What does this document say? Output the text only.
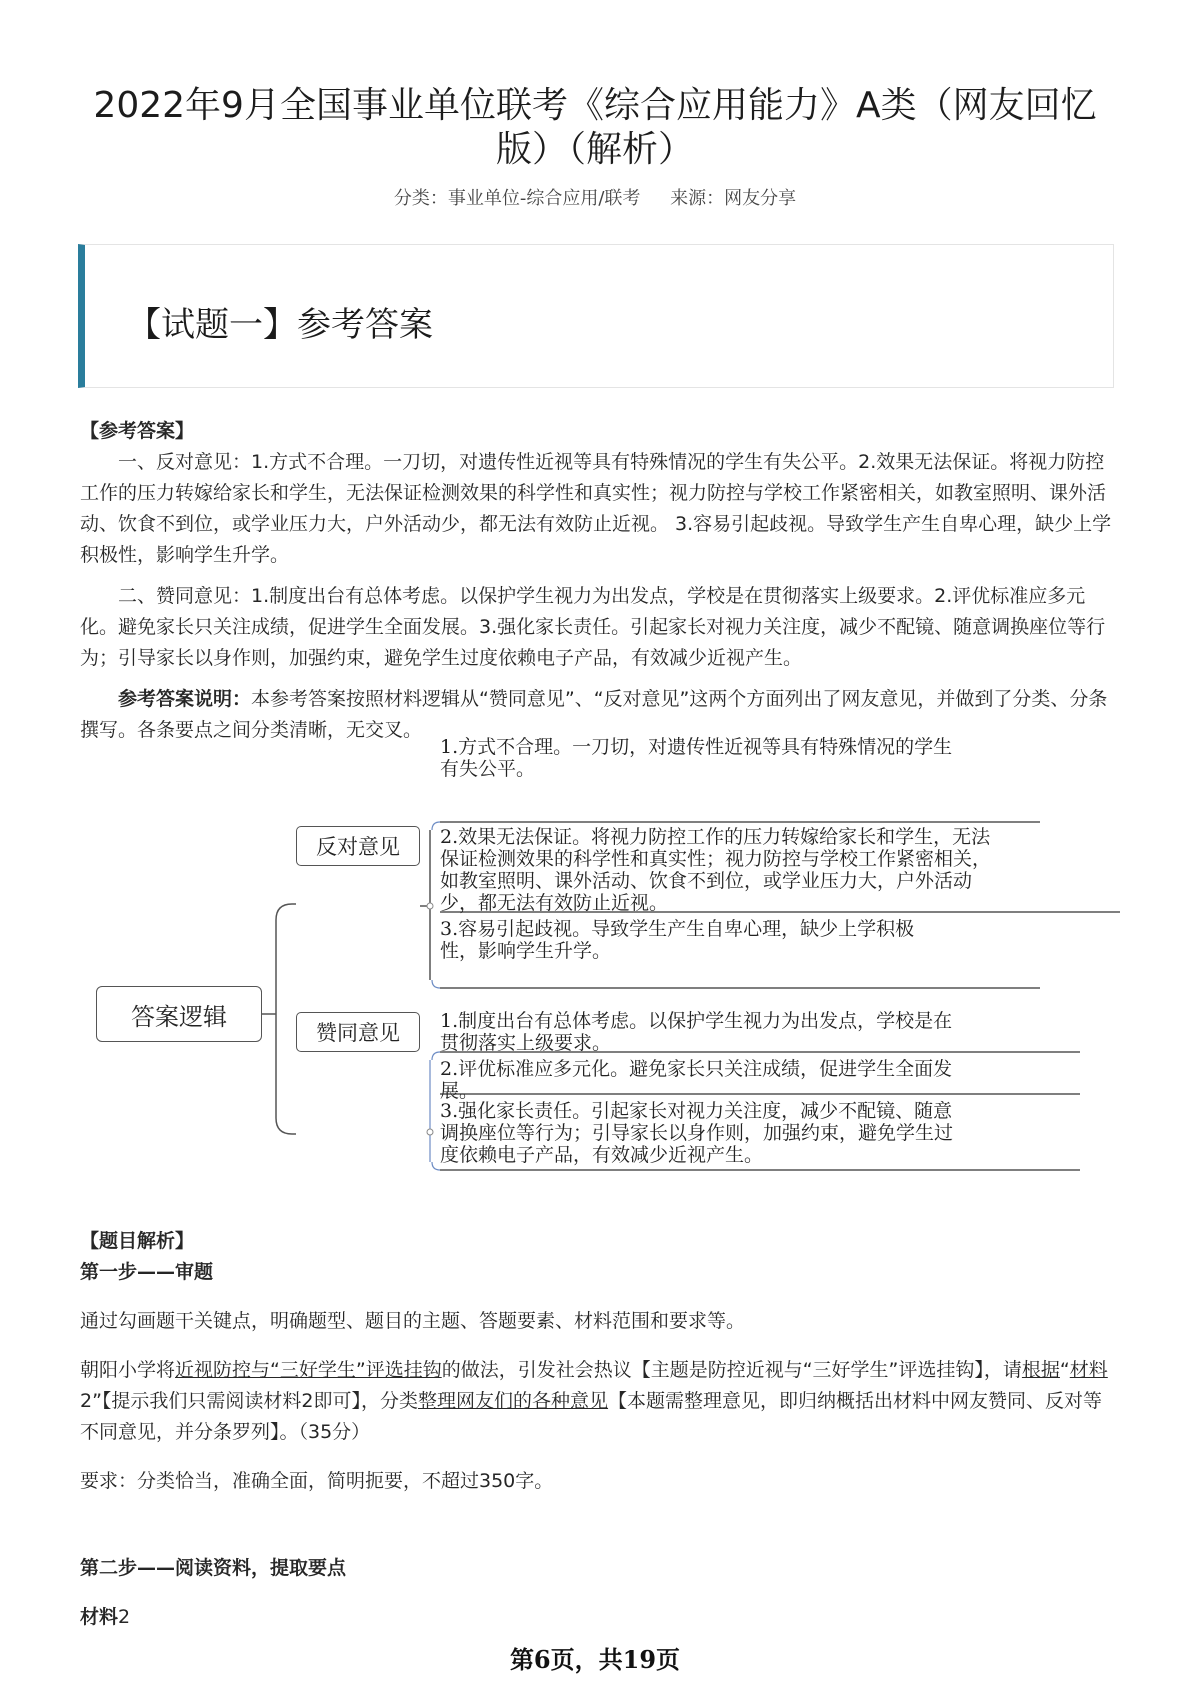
2022年9月全国事业单位联考《综合应用能力》A类（网友回忆版）（解析）
分类：事业单位-综合应用/联考 来源：网友分享
【试题一】参考答案

【参考答案】

一、反对意见：1.方式不合理。一刀切，对遗传性近视等具有特殊情况的学生有失公平。2.效果无法保证。将视力防控工作的压力转嫁给家长和学生，无法保证检测效果的科学性和真实性；视力防控与学校工作紧密相关，如教室照明、课外活动、饮食不到位，或学业压力大，户外活动少，都无法有效防止近视。 3.容易引起歧视。导致学生产生自卑心理，缺少上学积极性，影响学生升学。

二、赞同意见：1.制度出台有总体考虑。以保护学生视力为出发点，学校是在贯彻落实上级要求。2.评优标准应多元化。避免家长只关注成绩，促进学生全面发展。3.强化家长责任。引起家长对视力关注度，减少不配镜、随意调换座位等行为；引导家长以身作则，加强约束，避免学生过度依赖电子产品，有效减少近视产生。

参考答案说明：本参考答案按照材料逻辑从“赞同意见”、“反对意见”这两个方面列出了网友意见，并做到了分类、分条撰写。各条要点之间分类清晰，无交叉。

答案逻辑
反对意见
赞同意见
1.方式不合理。一刀切，对遗传性近视等具有特殊情况的学生
有失公平。
2.效果无法保证。将视力防控工作的压力转嫁给家长和学生，无法
保证检测效果的科学性和真实性；视力防控与学校工作紧密相关，
如教室照明、课外活动、饮食不到位，或学业压力大，户外活动
少，都无法有效防止近视。
3.容易引起歧视。导致学生产生自卑心理，缺少上学积极
性，影响学生升学。
1.制度出台有总体考虑。以保护学生视力为出发点，学校是在
贯彻落实上级要求。
2.评优标准应多元化。避免家长只关注成绩，促进学生全面发
展。
3.强化家长责任。引起家长对视力关注度，减少不配镜、随意
调换座位等行为；引导家长以身作则，加强约束，避免学生过
度依赖电子产品，有效减少近视产生。

【题目解析】

第一步——审题

通过勾画题干关键点，明确题型、题目的主题、答题要素、材料范围和要求等。

朝阳小学将近视防控与“三好学生”评选挂钩的做法，引发社会热议【主题是防控近视与“三好学生”评选挂钩】，请根据“材料2”【提示我们只需阅读材料2即可】，分类整理网友们的各种意见【本题需整理意见，即归纳概括出材料中网友赞同、反对等不同意见，并分条罗列】。（35分）

要求：分类恰当，准确全面，简明扼要，不超过350字。

第二步——阅读资料，提取要点

材料2

第6页，共19页
